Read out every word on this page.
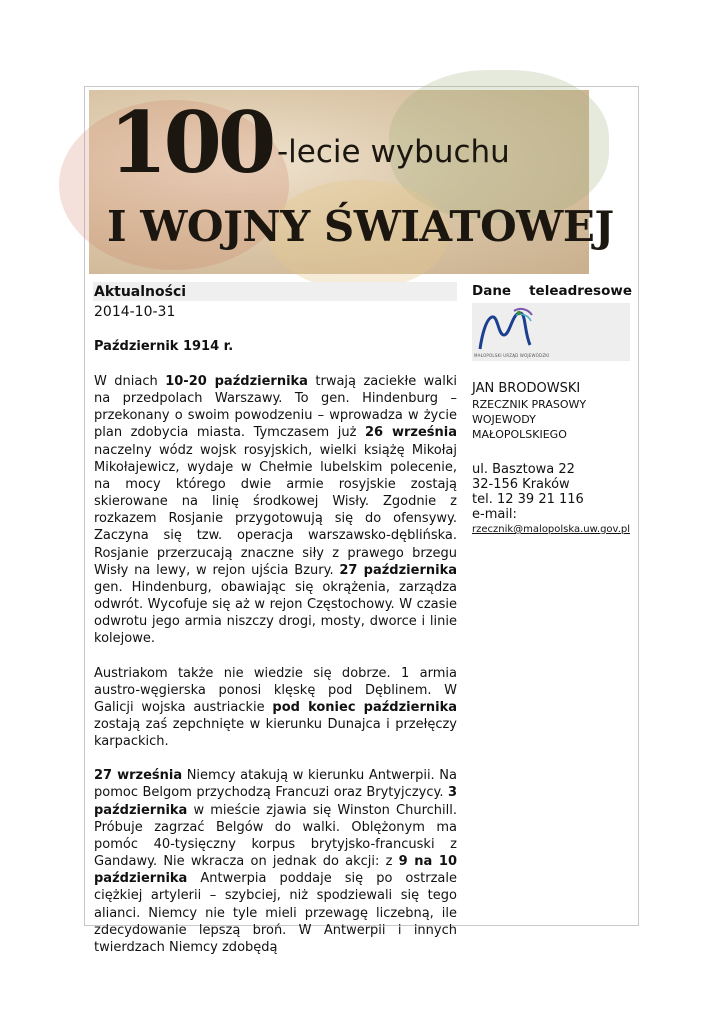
100 -lecie wybuchu
I WOJNY ŚWIATOWEJ
Aktualności
2014-10-31
Październik 1914 r.

W dniach 10-20 października trwają zaciekłe walki na przedpolach Warszawy. To gen. Hindenburg – przekonany o swoim powodzeniu – wprowadza w życie plan zdobycia miasta. Tymczasem już 26 września naczelny wódz wojsk rosyjskich, wielki książę Mikołaj Mikołajewicz, wydaje w Chełmie lubelskim polecenie, na mocy którego dwie armie rosyjskie zostają skierowane na linię środkowej Wisły. Zgodnie z rozkazem Rosjanie przygotowują się do ofensywy. Zaczyna się tzw. operacja warszawsko-dęblińska. Rosjanie przerzucają znaczne siły z prawego brzegu Wisły na lewy, w rejon ujścia Bzury. 27 października gen. Hindenburg, obawiając się okrążenia, zarządza odwrót. Wycofuje się aż w rejon Częstochowy. W czasie odwrotu jego armia niszczy drogi, mosty, dworce i linie kolejowe.

Austriakom także nie wiedzie się dobrze. 1 armia austro-węgierska ponosi klęskę pod Dęblinem. W Galicji wojska austriackie pod koniec października zostają zaś zepchnięte w kierunku Dunajca i przełęczy karpackich.

27 września Niemcy atakują w kierunku Antwerpii. Na pomoc Belgom przychodzą Francuzi oraz Brytyjczycy. 3 października w mieście zjawia się Winston Churchill. Próbuje zagrzać Belgów do walki. Oblężonym ma pomóc 40-tysięczny korpus brytyjsko-francuski z Gandawy. Nie wkracza on jednak do akcji: z 9 na 10 października Antwerpia poddaje się po ostrzale ciężkiej artylerii – szybciej, niż spodziewali się tego alianci. Niemcy nie tyle mieli przewagę liczebną, ile zdecydowanie lepszą broń. W Antwerpii i innych twierdzach Niemcy zdobędą

Dane teleadresowe
MAŁOPOLSKI URZĄD WOJEWÓDZKI
JAN BRODOWSKI
RZECZNIK PRASOWY
WOJEWODY
MAŁOPOLSKIEGO
ul. Basztowa 22
32-156 Kraków
tel. 12 39 21 116
e-mail:
rzecznik@malopolska.uw.gov.pl
